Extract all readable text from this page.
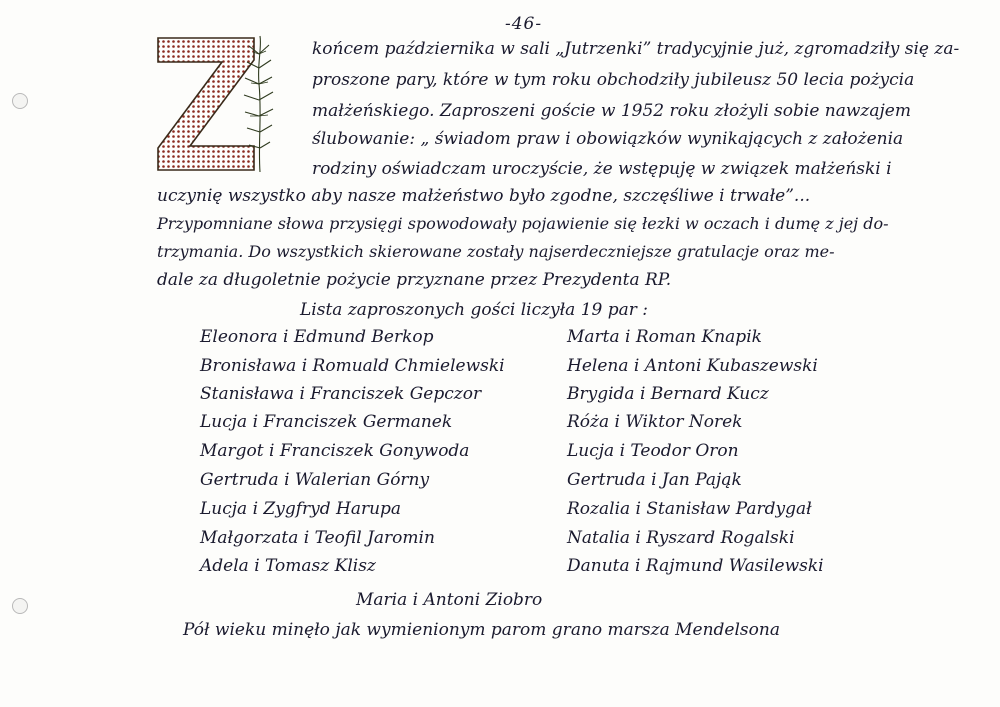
-46-
końcem października w sali „Jutrzenki” tradycyjnie już, zgromadziły się za-
proszone pary, które w tym roku obchodziły jubileusz 50 lecia pożycia
małżeńskiego. Zaproszeni goście w 1952 roku złożyli sobie nawzajem
ślubowanie: „ świadom praw i obowiązków wynikających z założenia
rodziny oświadczam uroczyście, że wstępuję w związek małżeński i
uczynię wszystko aby nasze małżeństwo było zgodne, szczęśliwe i trwałe”...
Przypomniane słowa przysięgi spowodowały pojawienie się łezki w oczach i dumę z jej do-
trzymania. Do wszystkich skierowane zostały najserdeczniejsze gratulacje oraz me-
dale za długoletnie pożycie przyznane przez Prezydenta RP.
Lista zaproszonych gości liczyła 19 par :
Eleonora i Edmund Berkop
Bronisława i Romuald Chmielewski
Stanisława i Franciszek Gepczor
Lucja i Franciszek Germanek
Margot i Franciszek Gonywoda
Gertruda i Walerian Górny
Lucja i Zygfryd Harupa
Małgorzata i Teofil Jaromin
Adela i Tomasz Klisz
Marta i Roman Knapik
Helena i Antoni Kubaszewski
Brygida i Bernard Kucz
Róża i Wiktor Norek
Lucja i Teodor Oron
Gertruda i Jan Pająk
Rozalia i Stanisław Pardygał
Natalia i Ryszard Rogalski
Danuta i Rajmund Wasilewski
Maria i Antoni Ziobro
Pół wieku minęło jak wymienionym parom grano marsza Mendelsona
